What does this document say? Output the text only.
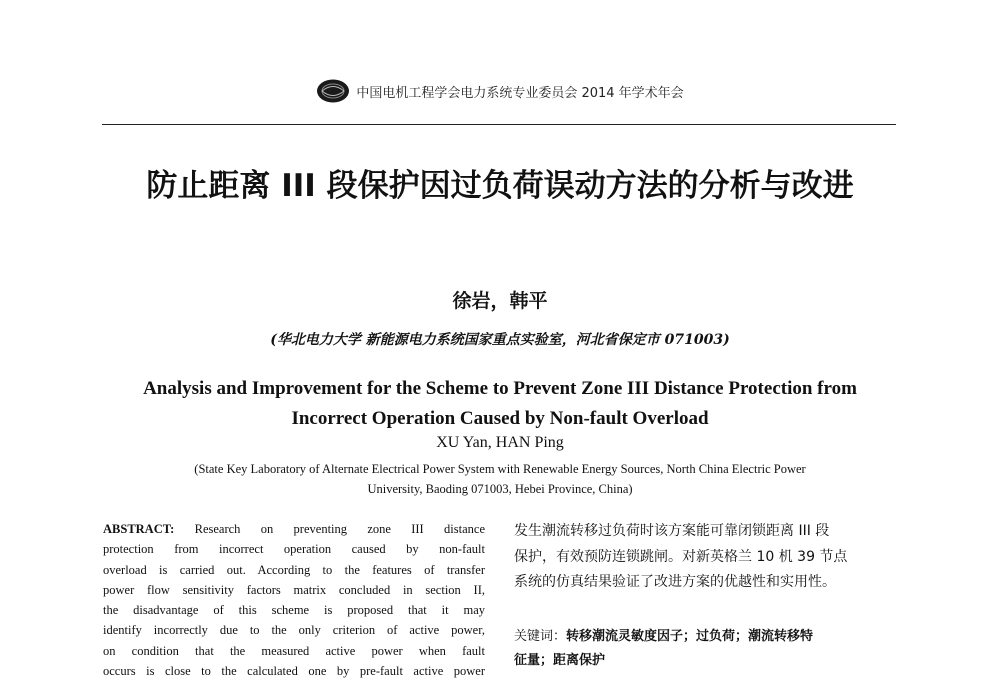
中国电机工程学会电力系统专业委员会 2014 年学术年会
防止距离 III 段保护因过负荷误动方法的分析与改进
徐岩，韩平
(华北电力大学 新能源电力系统国家重点实验室，河北省保定市 071003)
Analysis and Improvement for the Scheme to Prevent Zone III Distance Protection from
Incorrect Operation Caused by Non-fault Overload
XU Yan, HAN Ping
(State Key Laboratory of Alternate Electrical Power System with Renewable Energy Sources, North China Electric Power
University, Baoding 071003, Hebei Province, China)
ABSTRACT: Research on preventing zone III distance
protection from incorrect operation caused by non-fault
overload is carried out. According to the features of transfer
power flow sensitivity factors matrix concluded in section II,
the disadvantage of this scheme is proposed that it may
identify incorrectly due to the only criterion of active power,
on condition that the measured active power when fault
occurs is close to the calculated one by pre-fault active power
发生潮流转移过负荷时该方案能可靠闭锁距离 III 段
保护，有效预防连锁跳闸。对新英格兰 10 机 39 节点
系统的仿真结果验证了改进方案的优越性和实用性。
关键词：转移潮流灵敏度因子；过负荷；潮流转移特
征量；距离保护
